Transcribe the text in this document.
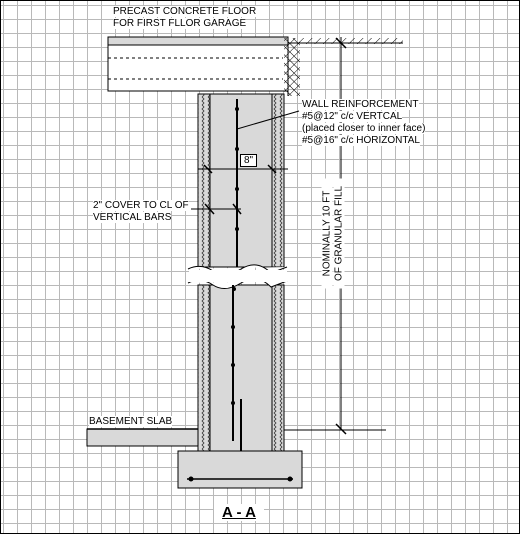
PRECAST CONCRETE FLOOR
FOR FIRST FLLOR GARAGE
WALL REINFORCEMENT
#5@12" c/c VERTCAL
(placed closer to inner face)
#5@16" c/c HORIZONTAL
8"
2" COVER TO CL OF
VERTICAL BARS	NOMINALLY 10 FT OF GRANULAR FILL
BASEMENT SLAB
A - A
